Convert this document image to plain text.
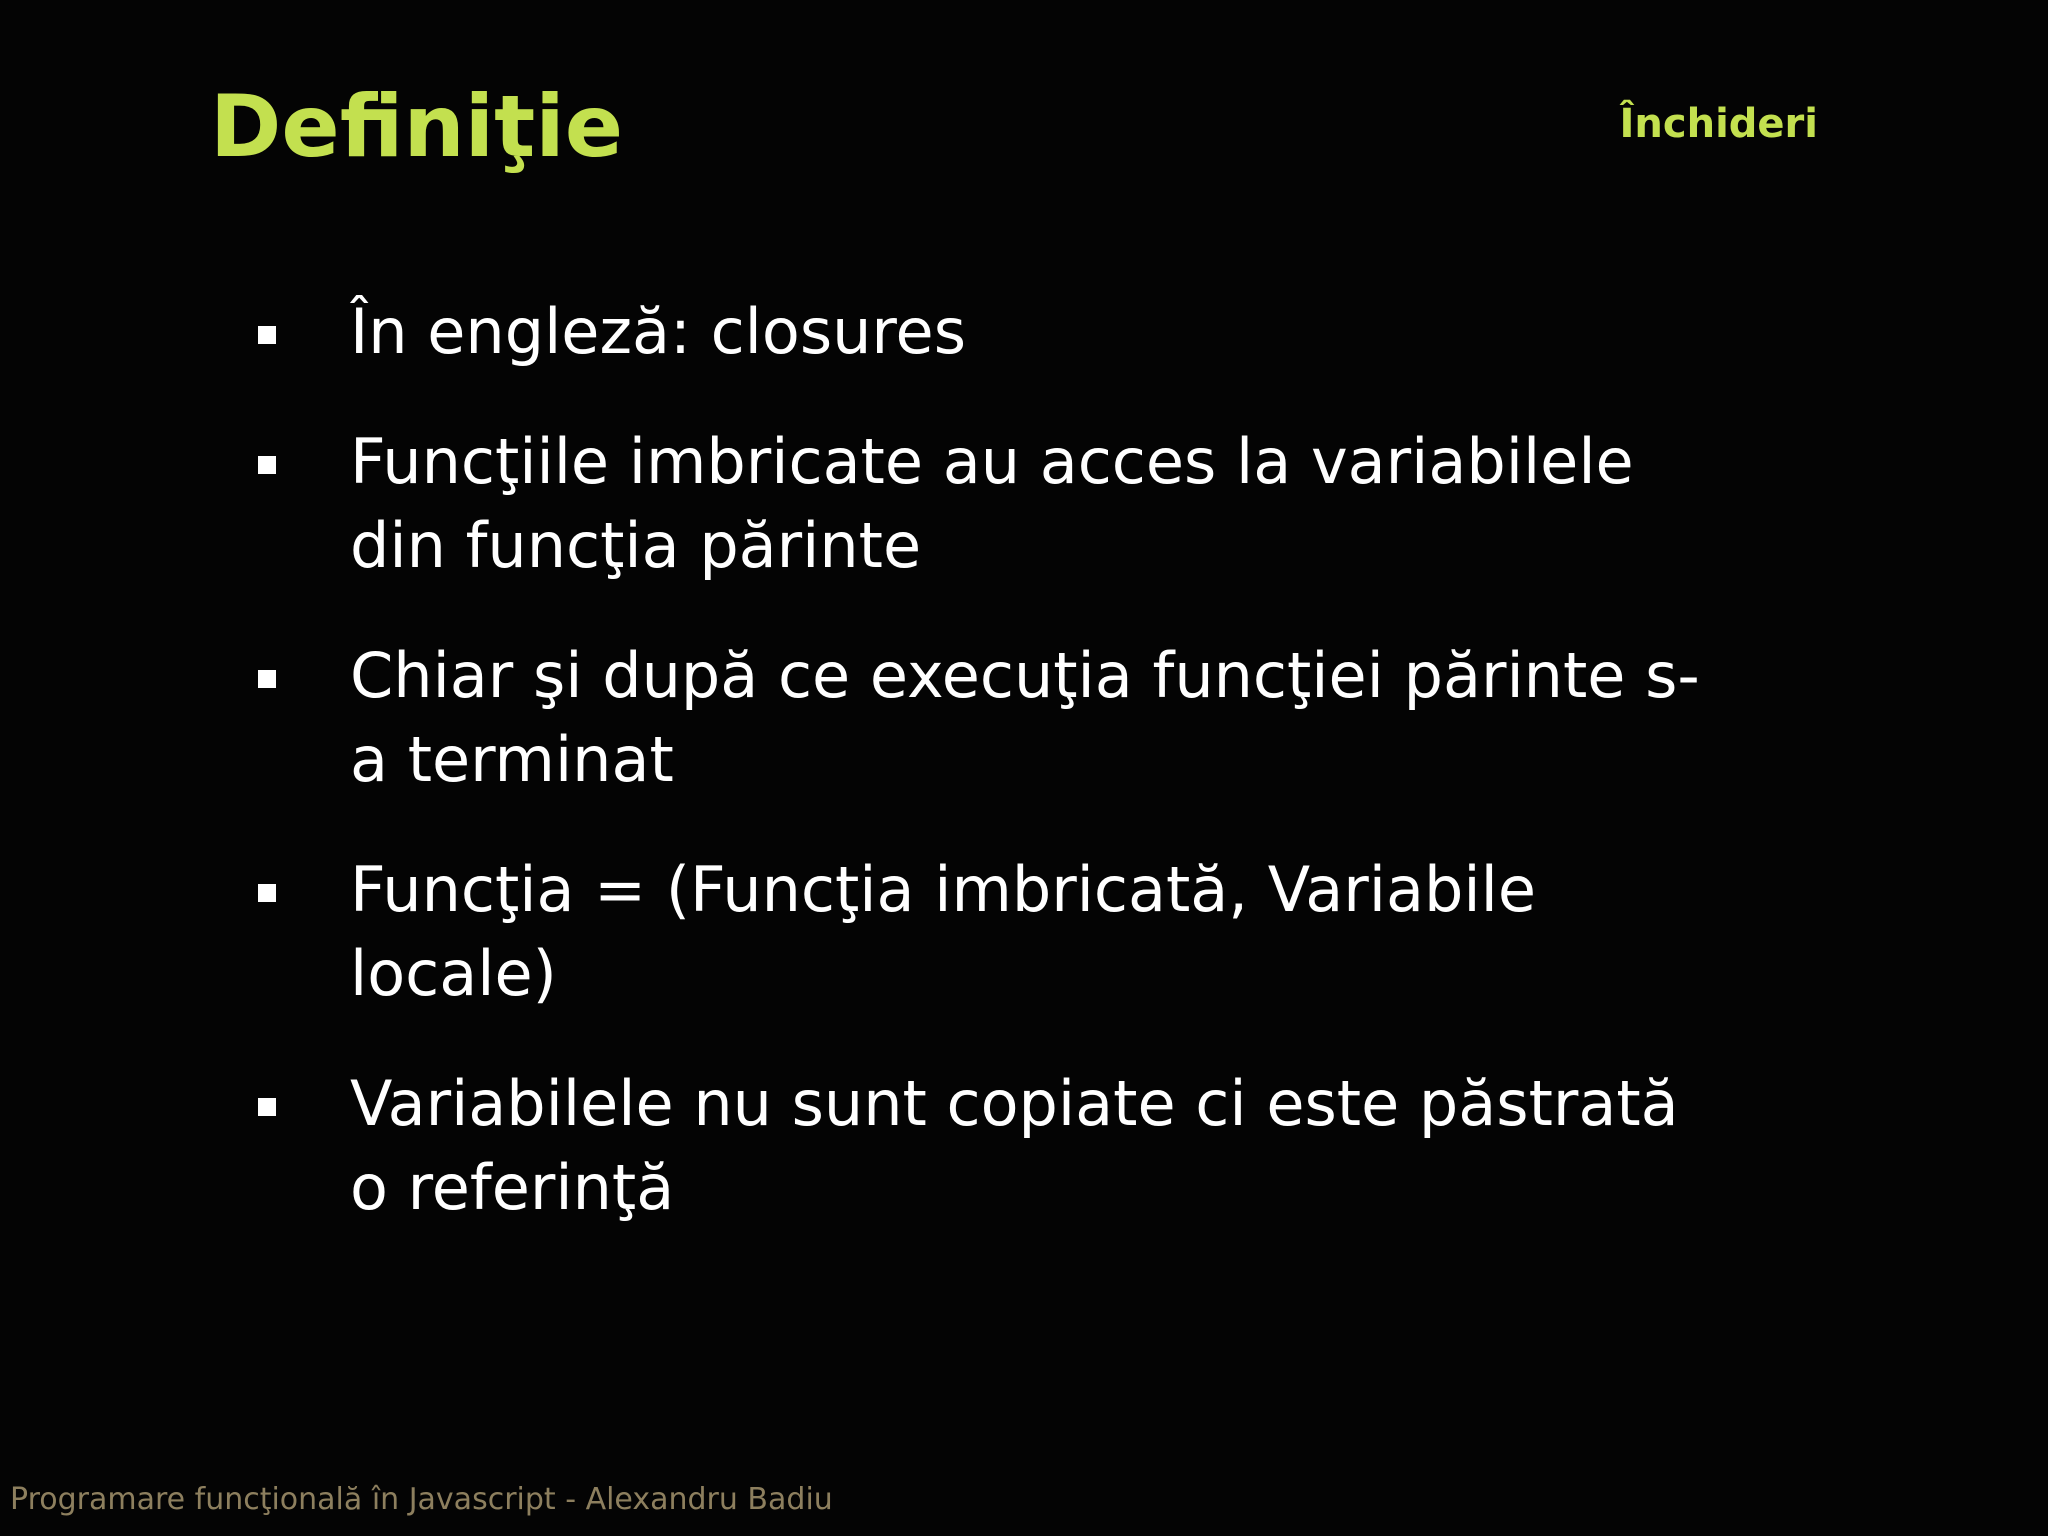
Definiţie	Închideri
În engleză: closures
Funcţiile imbricate au acces la variabilele din funcţia părinte
Chiar şi după ce execuţia funcţiei părinte s-a terminat
Funcţia = (Funcţia imbricată, Variabile locale)
Variabilele nu sunt copiate ci este păstrată o referinţă
Programare funcţională în Javascript - Alexandru Badiu
